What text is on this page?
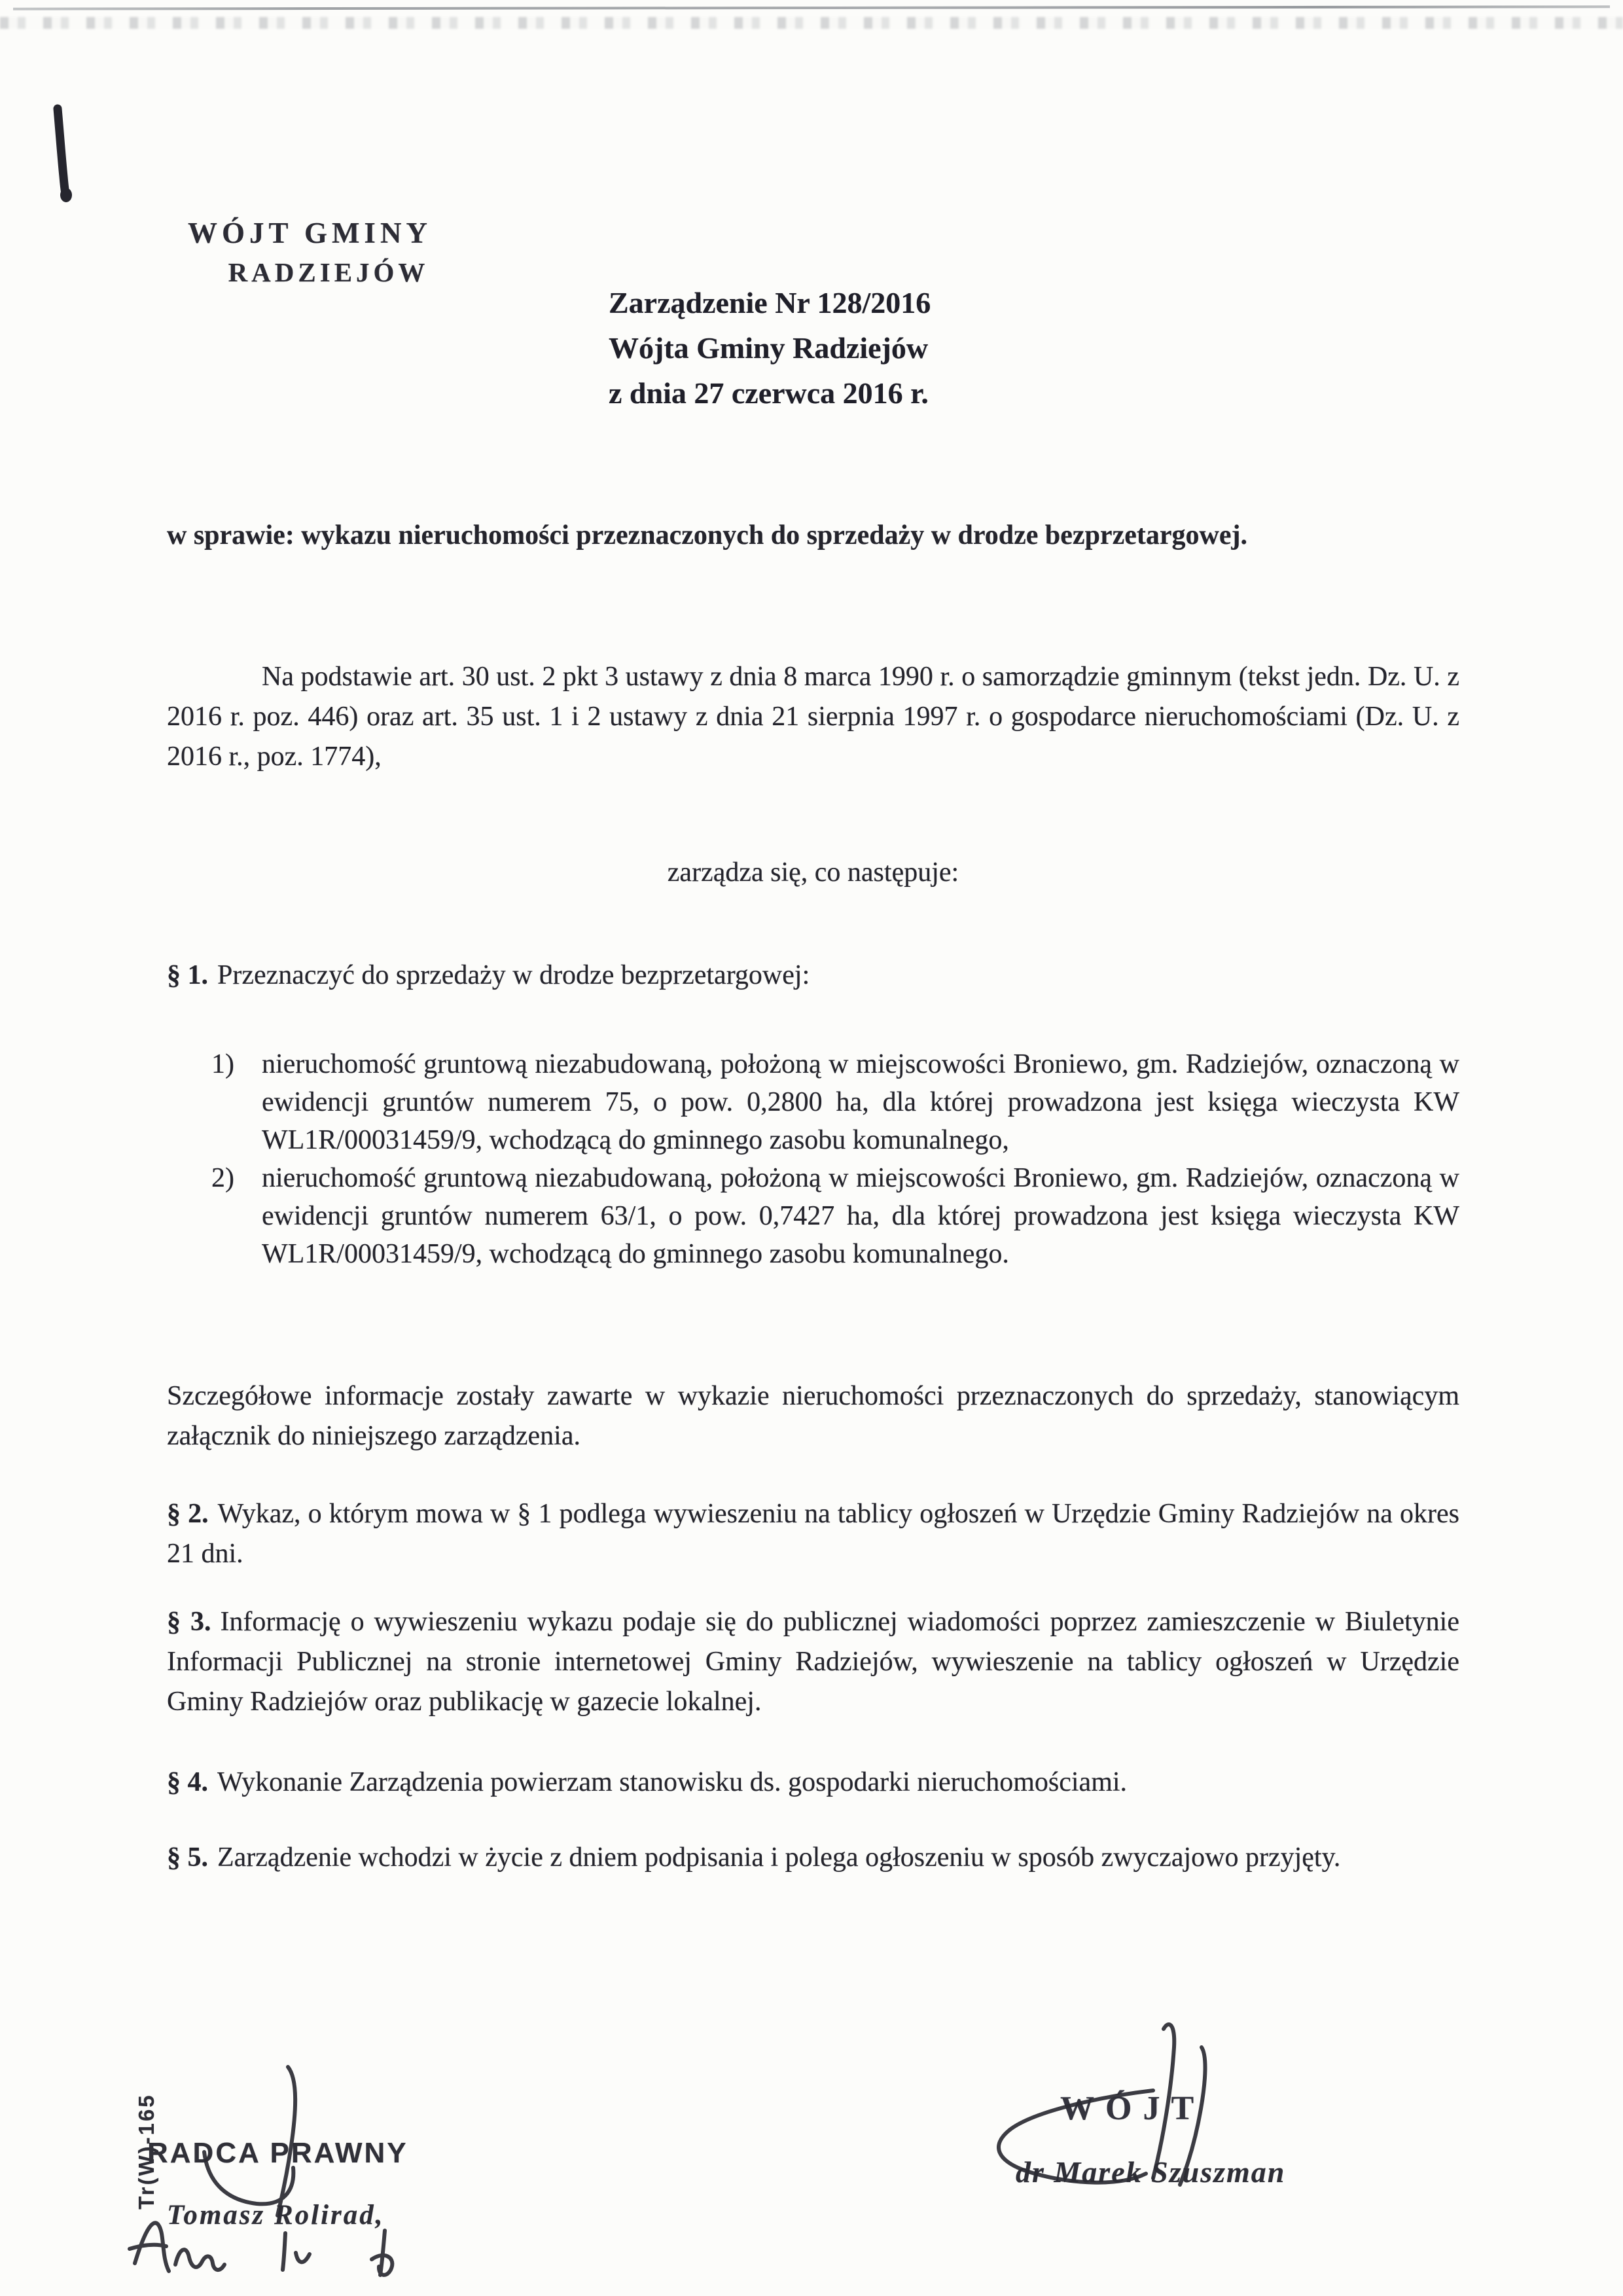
WÓJT GMINY
RADZIEJÓW
Zarządzenie Nr 128/2016
Wójta Gminy Radziejów
z dnia 27 czerwca 2016 r.

w sprawie: wykazu nieruchomości przeznaczonych do sprzedaży w drodze bezprzetargowej.

Na podstawie art. 30 ust. 2 pkt 3 ustawy z dnia 8 marca 1990 r. o samorządzie gminnym (tekst jedn. Dz. U. z 2016 r. poz. 446) oraz art. 35 ust. 1 i 2 ustawy z dnia 21 sierpnia 1997 r. o gospodarce nieruchomościami (Dz. U. z 2016 r., poz. 1774),

zarządza się, co następuje:

§ 1. Przeznaczyć do sprzedaży w drodze bezprzetargowej:

1) nieruchomość gruntową niezabudowaną, położoną w miejscowości Broniewo, gm. Radziejów, oznaczoną w ewidencji gruntów numerem 75, o pow. 0,2800 ha, dla której prowadzona jest księga wieczysta KW WL1R/00031459/9, wchodzącą do gminnego zasobu komunalnego,
2) nieruchomość gruntową niezabudowaną, położoną w miejscowości Broniewo, gm. Radziejów, oznaczoną w ewidencji gruntów numerem 63/1, o pow. 0,7427 ha, dla której prowadzona jest księga wieczysta KW WL1R/00031459/9, wchodzącą do gminnego zasobu komunalnego.

Szczegółowe informacje zostały zawarte w wykazie nieruchomości przeznaczonych do sprzedaży, stanowiącym załącznik do niniejszego zarządzenia.

§ 2. Wykaz, o którym mowa w § 1 podlega wywieszeniu na tablicy ogłoszeń w Urzędzie Gminy Radziejów na okres 21 dni.

§ 3. Informację o wywieszeniu wykazu podaje się do publicznej wiadomości poprzez zamieszczenie w Biuletynie Informacji Publicznej na stronie internetowej Gminy Radziejów, wywieszenie na tablicy ogłoszeń w Urzędzie Gminy Radziejów oraz publikację w gazecie lokalnej.

§ 4. Wykonanie Zarządzenia powierzam stanowisku ds. gospodarki nieruchomościami.

§ 5. Zarządzenie wchodzi w życie z dniem podpisania i polega ogłoszeniu w sposób zwyczajowo przyjęty.

Tr(W)-165
RADCA PRAWNY
Tomasz Rolirad,
WÓJT
dr Marek Szuszman
